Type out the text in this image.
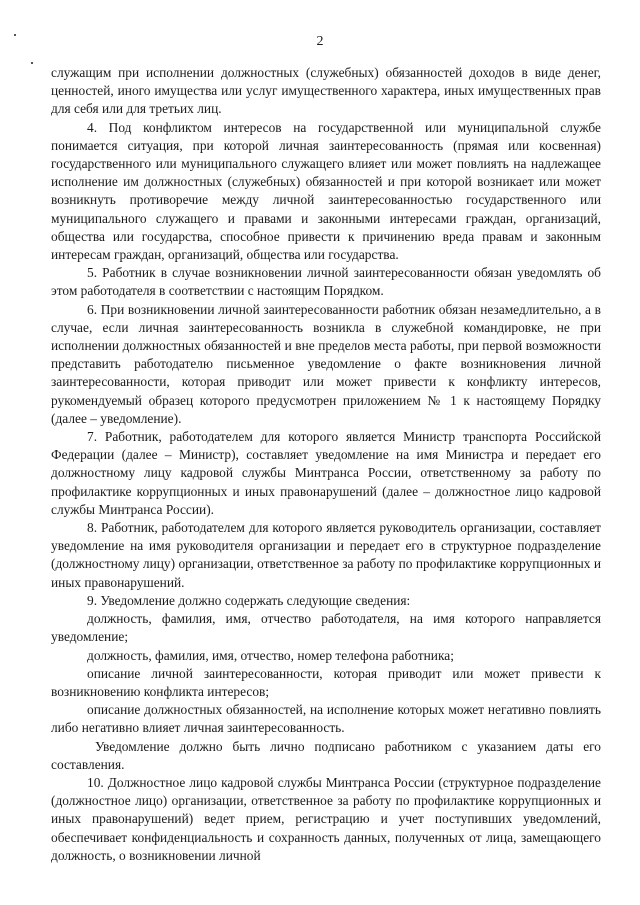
2

служащим при исполнении должностных (служебных) обязанностей доходов в виде денег, ценностей, иного имущества или услуг имущественного характера, иных имущественных прав для себя или для третьих лиц.

4. Под конфликтом интересов на государственной или муниципальной службе понимается ситуация, при которой личная заинтересованность (прямая или косвенная) государственного или муниципального служащего влияет или может повлиять на надлежащее исполнение им должностных (служебных) обязанностей и при которой возникает или может возникнуть противоречие между личной заинтересованностью государственного или муниципального служащего и правами и законными интересами граждан, организаций, общества или государства, способное привести к причинению вреда правам и законным интересам граждан, организаций, общества или государства.

5. Работник в случае возникновении личной заинтересованности обязан уведомлять об этом работодателя в соответствии с настоящим Порядком.

6. При возникновении личной заинтересованности работник обязан незамедлительно, а в случае, если личная заинтересованность возникла в служебной командировке, не при исполнении должностных обязанностей и вне пределов места работы, при первой возможности представить работодателю письменное уведомление о факте возникновения личной заинтересованности, которая приводит или может привести к конфликту интересов, рукомендуемый образец которого предусмотрен приложением № 1 к настоящему Порядку (далее – уведомление).

7. Работник, работодателем для которого является Министр транспорта Российской Федерации (далее – Министр), составляет уведомление на имя Министра и передает его должностному лицу кадровой службы Минтранса России, ответственному за работу по профилактике коррупционных и иных правонарушений (далее – должностное лицо кадровой службы Минтранса России).

8. Работник, работодателем для которого является руководитель организации, составляет уведомление на имя руководителя организации и передает его в структурное подразделение (должностному лицу) организации, ответственное за работу по профилактике коррупционных и иных правонарушений.

9. Уведомление должно содержать следующие сведения:

должность, фамилия, имя, отчество работодателя, на имя которого направляется уведомление;

должность, фамилия, имя, отчество, номер телефона работника;

описание личной заинтересованности, которая приводит или может привести к возникновению конфликта интересов;

описание должностных обязанностей, на исполнение которых может негативно повлиять либо негативно влияет личная заинтересованность.

Уведомление должно быть лично подписано работником с указанием даты его составления.

10. Должностное лицо кадровой службы Минтранса России (структурное подразделение (должностное лицо) организации, ответственное за работу по профилактике коррупционных и иных правонарушений) ведет прием, регистрацию и учет поступивших уведомлений, обеспечивает конфиденциальность и сохранность данных, полученных от лица, замещающего должность, о возникновении личной
